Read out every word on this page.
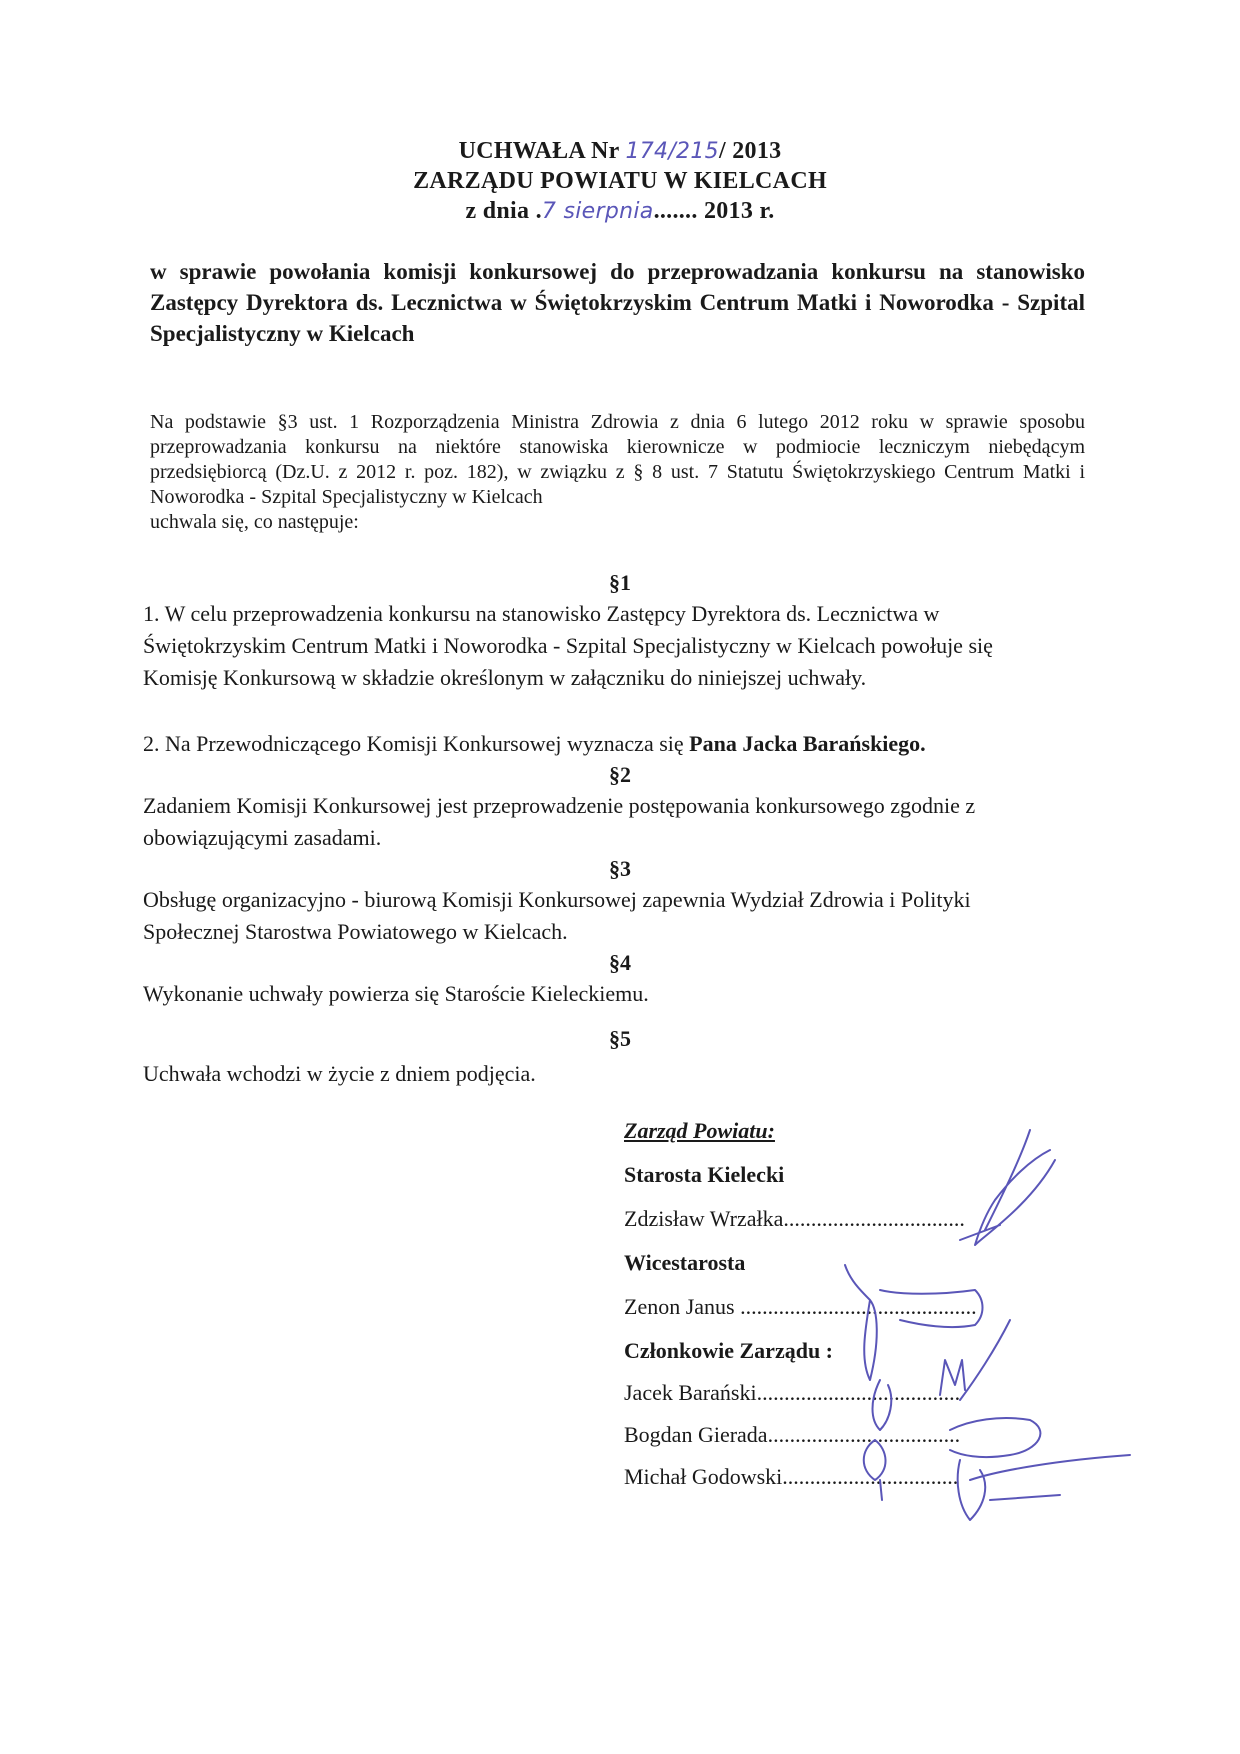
UCHWAŁA Nr 174/215/ 2013
ZARZĄDU POWIATU W KIELCACH
z dnia .7 sierpnia....... 2013 r.
w sprawie powołania komisji konkursowej do przeprowadzania konkursu na stanowisko Zastępcy Dyrektora ds. Lecznictwa w Świętokrzyskim Centrum Matki i Noworodka - Szpital Specjalistyczny w Kielcach
Na podstawie §3 ust. 1 Rozporządzenia Ministra Zdrowia z dnia 6 lutego 2012 roku w sprawie sposobu przeprowadzania konkursu na niektóre stanowiska kierownicze w podmiocie leczniczym niebędącym przedsiębiorcą (Dz.U. z 2012 r. poz. 182), w związku z § 8 ust. 7 Statutu Świętokrzyskiego Centrum Matki i Noworodka - Szpital Specjalistyczny w Kielcach
uchwala się, co następuje:
§1
1. W celu przeprowadzenia konkursu na stanowisko Zastępcy Dyrektora ds. Lecznictwa w Świętokrzyskim Centrum Matki i Noworodka - Szpital Specjalistyczny w Kielcach powołuje się Komisję Konkursową w składzie określonym w załączniku do niniejszej uchwały.
2. Na Przewodniczącego Komisji Konkursowej wyznacza się Pana Jacka Barańskiego.
§2
Zadaniem Komisji Konkursowej jest przeprowadzenie postępowania konkursowego zgodnie z obowiązującymi zasadami.
§3
Obsługę organizacyjno - biurową Komisji Konkursowej zapewnia Wydział Zdrowia i Polityki Społecznej Starostwa Powiatowego w Kielcach.
§4
Wykonanie uchwały powierza się Staroście Kieleckiemu.
§5
Uchwała wchodzi w życie z dniem podjęcia.
Zarząd Powiatu:
Starosta Kielecki
Zdzisław Wrzałka.................................
Wicestarosta
Zenon Janus ...........................................
Członkowie Zarządu :
Jacek Barański.....................................
Bogdan Gierada...................................
Michał Godowski................................
